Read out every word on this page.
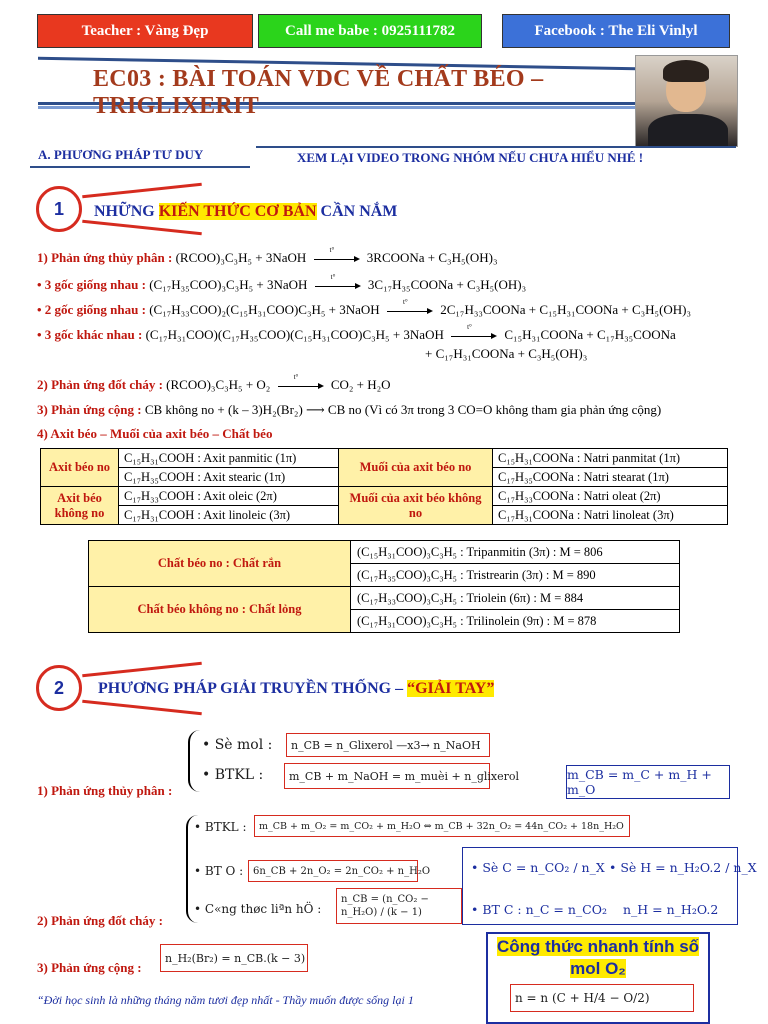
Teacher : Vàng Đẹp	Call me babe : 0925111782	Facebook : The Eli Vinlyl
EC03 : BÀI TOÁN VDC VỀ CHẤT BÉO – TRIGLIXERIT
A. PHƯƠNG PHÁP TƯ DUY	XEM LẠI VIDEO TRONG NHÓM NẾU CHƯA HIỂU NHÉ !
1	NHỮNG KIẾN THỨC CƠ BẢN CẦN NẮM
1) Phản ứng thủy phân : (RCOO)₃C₃H₅ + 3NaOH	t°	3RCOONa + C₃H₅(OH)₃
• 3 gốc giống nhau : (C₁₇H₃₅COO)₃C₃H₅ + 3NaOH	t°	3C₁₇H₃₅COONa + C₃H₅(OH)₃
• 2 gốc giống nhau : (C₁₇H₃₃COO)₂(C₁₅H₃₁COO)C₃H₅ + 3NaOH	t°	2C₁₇H₃₃COONa + C₁₅H₃₁COONa + C₃H₅(OH)₃
• 3 gốc khác nhau : (C₁₇H₃₁COO)(C₁₇H₃₅COO)(C₁₅H₃₁COO)C₃H₅ + 3NaOH	t°	C₁₅H₃₁COONa + C₁₇H₃₅COONa
+ C₁₇H₃₁COONa + C₃H₅(OH)₃
2) Phản ứng đốt cháy : (RCOO)₃C₃H₅ + O₂	t°	CO₂ + H₂O
3) Phản ứng cộng : CB không no + (k – 3)H₂(Br₂) ⟶ CB no (Vì có 3π trong 3 CO=O không tham gia phản ứng cộng)
4) Axit béo – Muối của axit béo – Chất béo
Axit béo no	C₁₅H₃₁COOH : Axit panmitic (1π)	Muối của axit béo no	C₁₅H₃₁COONa : Natri panmitat (1π)
	C₁₇H₃₅COOH : Axit stearic (1π)		C₁₇H₃₅COONa : Natri stearat (1π)
Axit béo không no	C₁₇H₃₃COOH : Axit oleic (2π)	Muối của axit béo không no	C₁₇H₃₃COONa : Natri oleat (2π)
	C₁₇H₃₁COOH : Axit linoleic (3π)		C₁₇H₃₁COONa : Natri linoleat (3π)
Chất béo no : Chất rắn	(C₁₅H₃₁COO)₃C₃H₅ : Tripanmitin (3π) : M = 806
	(C₁₇H₃₅COO)₃C₃H₅ : Tristrearin (3π) : M = 890
Chất béo không no : Chất lỏng	(C₁₇H₃₃COO)₃C₃H₅ : Triolein (6π) : M = 884
	(C₁₇H₃₁COO)₃C₃H₅ : Trilinolein (9π) : M = 878
2	PHƯƠNG PHÁP GIẢI TRUYỀN THỐNG – “GIẢI TAY”
• Sè mol :	n_CB = n_Glixerol —x3→ n_NaOH
• BTKL :	m_CB + m_NaOH = m_muèi + n_glixerol
1) Phản ứng thủy phân :
m_CB = m_C + m_H + m_O
• BTKL :	m_CB + m_O₂ = m_CO₂ + m_H₂O ⇔ m_CB + 32n_O₂ = 44n_CO₂ + 18n_H₂O
• BT O : 6n_CB + 2n_O₂ = 2n_CO₂ + n_H₂O
• C«ng thøc liªn hÖ :
n_CB = (n_CO₂ − n_H₂O) / (k − 1)
2) Phản ứng đốt cháy :
• Sè C = n_CO₂ / n_X • Sè H = n_H₂O.2 / n_X
• BT C : n_C = n_CO₂ n_H = n_H₂O.2
3) Phản ứng cộng :
n_H₂(Br₂) = n_CB.(k − 3)
Công thức nhanh tính số mol O₂
n = n (C + H/4 − O/2)
“Đời học sinh là những tháng năm tươi đẹp nhất - Thầy muốn được sống lại 1
